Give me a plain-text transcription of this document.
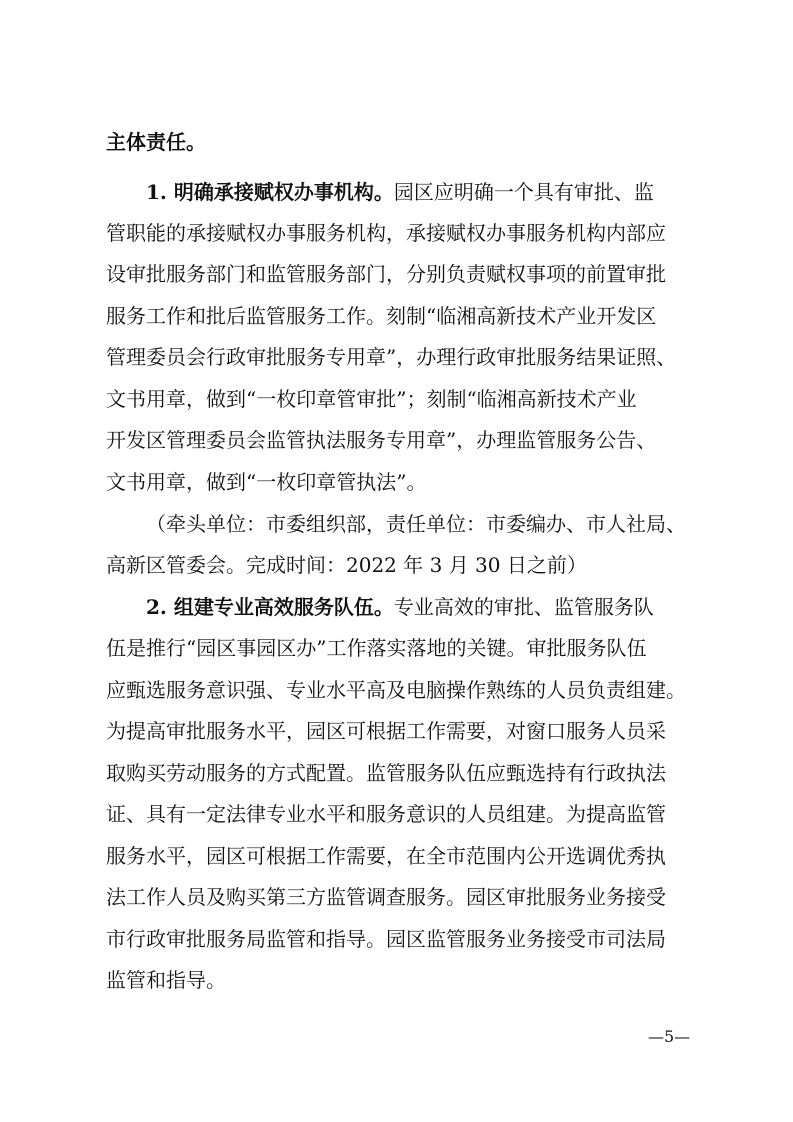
主体责任。
1. 明确承接赋权办事机构。园区应明确一个具有审批、监
管职能的承接赋权办事服务机构，承接赋权办事服务机构内部应
设审批服务部门和监管服务部门，分别负责赋权事项的前置审批
服务工作和批后监管服务工作。刻制“临湘高新技术产业开发区
管理委员会行政审批服务专用章”，办理行政审批服务结果证照、
文书用章，做到“一枚印章管审批”；刻制“临湘高新技术产业
开发区管理委员会监管执法服务专用章”，办理监管服务公告、
文书用章，做到“一枚印章管执法”。
（牵头单位：市委组织部，责任单位：市委编办、市人社局、
高新区管委会。完成时间：2022 年 3 月 30 日之前）
2. 组建专业高效服务队伍。专业高效的审批、监管服务队
伍是推行“园区事园区办”工作落实落地的关键。审批服务队伍
应甄选服务意识强、专业水平高及电脑操作熟练的人员负责组建。
为提高审批服务水平，园区可根据工作需要，对窗口服务人员采
取购买劳动服务的方式配置。监管服务队伍应甄选持有行政执法
证、具有一定法律专业水平和服务意识的人员组建。为提高监管
服务水平，园区可根据工作需要，在全市范围内公开选调优秀执
法工作人员及购买第三方监管调查服务。园区审批服务业务接受
市行政审批服务局监管和指导。园区监管服务业务接受市司法局
监管和指导。
—5—
